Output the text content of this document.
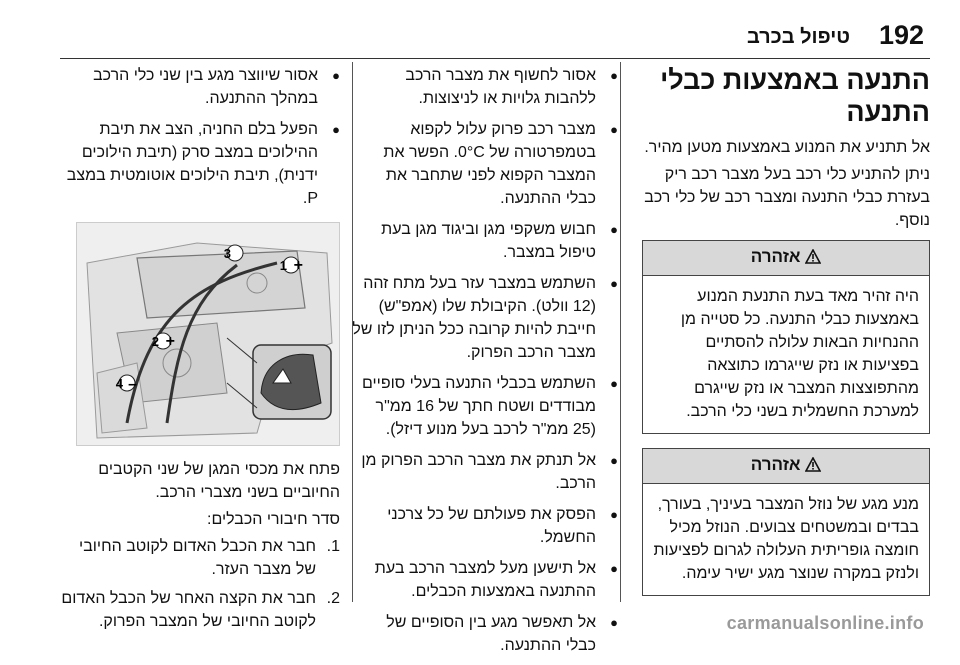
192
טיפול בכרב
התנעה באמצעות כבלי התנעה

אל תתניע את המנוע באמצעות מטען מהיר.

ניתן להתניע כלי רכב בעל מצבר רכב ריק בעזרת כבלי התנעה ומצבר רכב של כלי רכב נוסף.

אזהרה
היה זהיר מאד בעת התנעת המנוע באמצעות כבלי התנעה. כל סטייה מן ההנחיות הבאות עלולה להסתיים בפציעות או נזק שייגרמו כתוצאה מהתפוצצות המצבר או נזק שייגרם למערכת החשמלית בשני כלי הרכב.
אזהרה
מנע מגע של נוזל המצבר בעיניך, בעורך, בבדים ובמשטחים צבועים. הנוזל מכיל חומצה גופריתית העלולה לגרום לפציעות ולנזק במקרה שנוצר מגע ישיר עימה.
● אסור לחשוף את מצבר הרכב ללהבות גלויות או לניצוצות.
● מצבר רכב פרוק עלול לקפוא בטמפרטורה של 0°C. הפשר את המצבר הקפוא לפני שתחבר את כבלי ההתנעה.
● חבוש משקפי מגן וביגוד מגן בעת טיפול במצבר.
● השתמש במצבר עזר בעל מתח זהה (12 וולט). הקיבולת שלו (אמפ"ש) חייבת להיות קרובה ככל הניתן לזו של מצבר הרכב הפרוק.
● השתמש בכבלי התנעה בעלי סופיים מבודדים ושטח חתך של 16 ממ"ר (25 ממ"ר לרכב בעל מנוע דיזל).
● אל תנתק את מצבר הרכב הפרוק מן הרכב.
● הפסק את פעולתם של כל צרכני החשמל.
● אל תישען מעל למצבר הרכב בעת ההתנעה באמצעות הכבלים.
● אל תאפשר מגע בין הסופיים של כבלי ההתנעה.
● אסור שיווצר מגע בין שני כלי הרכב במהלך ההתנעה.
● הפעל בלם החניה, הצב את תיבת ההילוכים במצב סרק (תיבת הילוכים ידנית), תיבת הילוכים אוטומטית במצב P.
1
2
3
4
+
+
–

פתח את מכסי המגן של שני הקטבים החיוביים בשני מצברי הרכב.

סדר חיבורי הכבלים:

1.
חבר את הכבל האדום לקוטב החיובי של מצבר העזר.
2.
חבר את הקצה האחר של הכבל האדום לקוטב החיובי של המצבר הפרוק.	carmanualsonline.info
